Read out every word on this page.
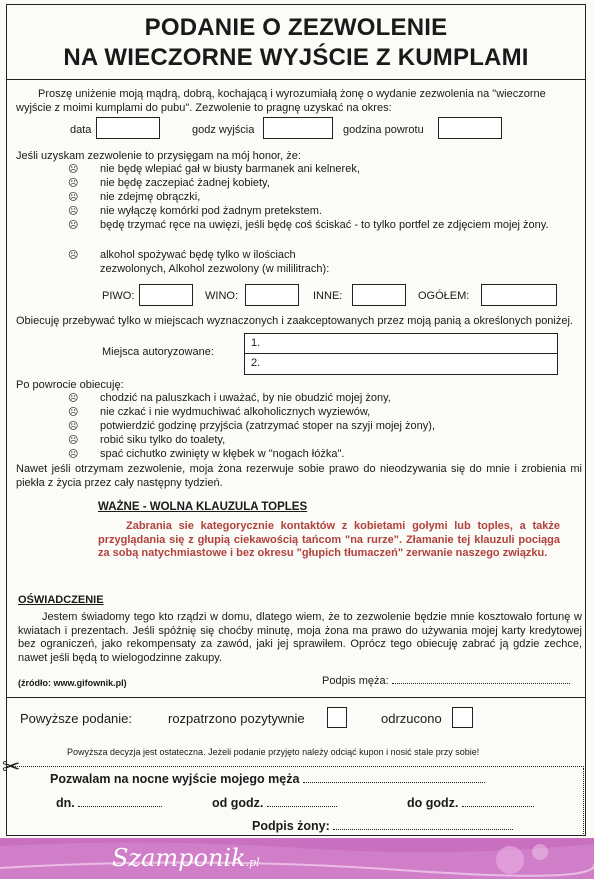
PODANIE O ZEZWOLENIE
NA WIECZORNE WYJŚCIE Z KUMPLAMI
Proszę uniżenie moją mądrą, dobrą, kochającą i wyrozumiałą żonę o wydanie zezwolenia na "wieczorne wyjście z moimi kumplami do pubu". Zezwolenie to pragnę uzyskać na okres:
data	godz wyjścia	godzina powrotu
Jeśli uzyskam zezwolenie to przysięgam na mój honor, że:
☹ nie będę wlepiać gał w biusty barmanek ani kelnerek,
☹ nie będę zaczepiać żadnej kobiety,
☹ nie zdejmę obrączki,
☹ nie wyłączę komórki pod żadnym pretekstem.
☹ będę trzymać ręce na uwięzi, jeśli będę coś ściskać - to tylko portfel ze zdjęciem mojej żony.
☹ alkohol spożywać będę tylko w ilościach zezwolonych, Alkohol zezwolony (w mililitrach):
PIWO:	WINO:	INNE:	OGÓŁEM:
Obiecuję przebywać tylko w miejscach wyznaczonych i zaakceptowanych przez moją panią a określonych poniżej.
Miejsca autoryzowane:
1.
2.
Po powrocie obiecuję:
☹ chodzić na paluszkach i uważać, by nie obudzić mojej żony,
☹ nie czkać i nie wydmuchiwać alkoholicznych wyziewów,
☹ potwierdzić godzinę przyjścia (zatrzymać stoper na szyji mojej żony),
☹ robić siku tylko do toalety,
☹ spać cichutko zwinięty w kłębek w "nogach łóżka".
Nawet jeśli otrzymam zezwolenie, moja żona rezerwuje sobie prawo do nieodzywania się do mnie i zrobienia mi piekła z życia przez cały następny tydzień.
WAŻNE - WOLNA KLAUZULA TOPLES
Zabrania sie kategorycznie kontaktów z kobietami gołymi lub toples, a także przyglądania się z głupią ciekawością tańcom "na rurze". Złamanie tej klauzuli pociąga za sobą natychmiastowe i bez okresu "głupich tłumaczeń" zerwanie naszego związku.
OŚWIADCZENIE
Jestem świadomy tego kto rządzi w domu, dlatego wiem, że to zezwolenie będzie mnie kosztowało fortunę w kwiatach i prezentach. Jeśli spóźnię się choćby minutę, moja żona ma prawo do używania mojej karty kredytowej bez ograniczeń, jako rekompensaty za zawód, jaki jej sprawiłem. Oprócz tego obiecuję zabrać ją gdzie zechce, nawet jeśli będą to wielogodzinne zakupy.
(źródło: www.gifownik.pl)	Podpis męża:
Powyższe podanie:	rozpatrzono pozytywnie	odrzucono
Powyższa decyzja jest ostateczna. Jeżeli podanie przyjęto należy odciąć kupon i nosić stale przy sobie!
✂ Pozwalam na nocne wyjście mojego męża
dn.	od godz.	do godz.
Podpis żony:
Szamponik.pl
